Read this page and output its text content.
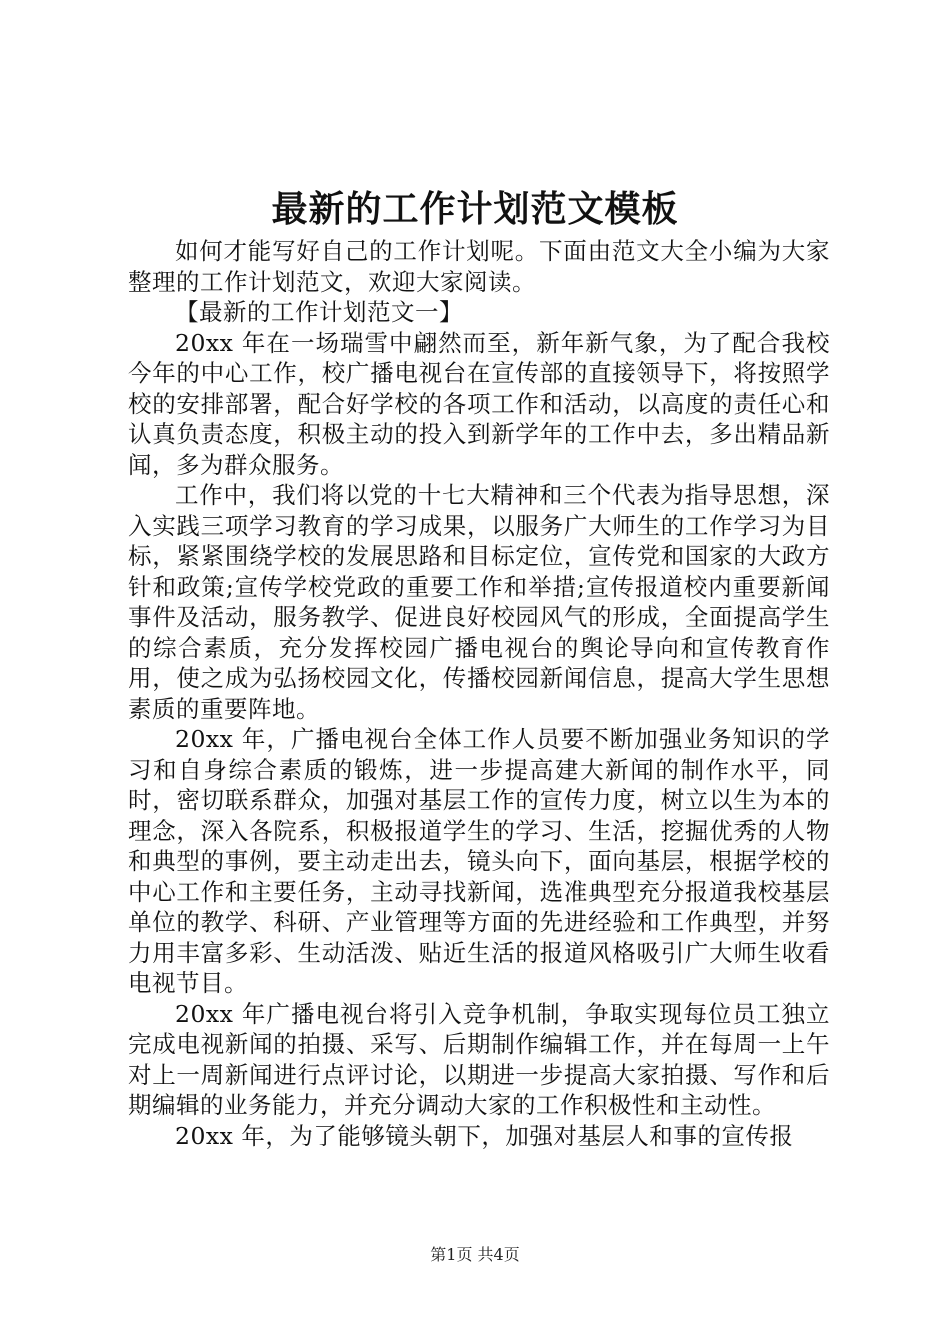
最新的工作计划范文模板

如何才能写好自己的工作计划呢。下面由范文大全小编为大家整理的工作计划范文，欢迎大家阅读。

【最新的工作计划范文一】

20xx 年在一场瑞雪中翩然而至，新年新气象，为了配合我校今年的中心工作，校广播电视台在宣传部的直接领导下，将按照学校的安排部署，配合好学校的各项工作和活动，以高度的责任心和认真负责态度，积极主动的投入到新学年的工作中去，多出精品新闻，多为群众服务。

工作中，我们将以党的十七大精神和三个代表为指导思想，深入实践三项学习教育的学习成果，以服务广大师生的工作学习为目标，紧紧围绕学校的发展思路和目标定位，宣传党和国家的大政方针和政策;宣传学校党政的重要工作和举措;宣传报道校内重要新闻事件及活动，服务教学、促进良好校园风气的形成，全面提高学生的综合素质，充分发挥校园广播电视台的舆论导向和宣传教育作用，使之成为弘扬校园文化，传播校园新闻信息，提高大学生思想素质的重要阵地。

20xx 年，广播电视台全体工作人员要不断加强业务知识的学习和自身综合素质的锻炼，进一步提高建大新闻的制作水平，同时，密切联系群众，加强对基层工作的宣传力度，树立以生为本的理念，深入各院系，积极报道学生的学习、生活，挖掘优秀的人物和典型的事例，要主动走出去，镜头向下，面向基层，根据学校的中心工作和主要任务，主动寻找新闻，选准典型充分报道我校基层单位的教学、科研、产业管理等方面的先进经验和工作典型，并努力用丰富多彩、生动活泼、贴近生活的报道风格吸引广大师生收看电视节目。

20xx 年广播电视台将引入竞争机制，争取实现每位员工独立完成电视新闻的拍摄、采写、后期制作编辑工作，并在每周一上午对上一周新闻进行点评讨论，以期进一步提高大家拍摄、写作和后期编辑的业务能力，并充分调动大家的工作积极性和主动性。

20xx 年，为了能够镜头朝下，加强对基层人和事的宣传报

第1页 共4页
